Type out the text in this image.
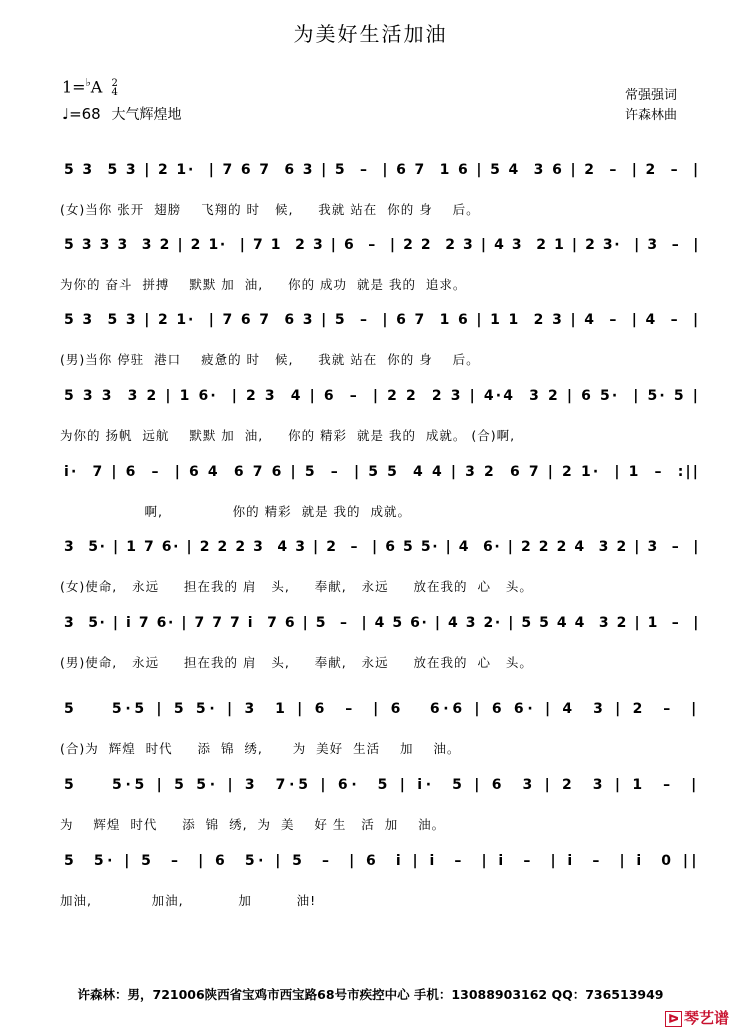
为美好生活加油
1=♭A 2
4
♩=68 大气辉煌地
常强强词
许森林曲
5 3  5 3 | 2 1·  | 7 6 7  6 3 | 5  –  | 6 7  1 6 | 5 4  3 6 | 2  –  | 2  –  |
(女)当你 张开  翅膀    飞翔的 时   候,     我就 站在  你的 身    后。
5 3 3 3  3 2 | 2 1·  | 7 1  2 3 | 6  –  | 2 2  2 3 | 4 3  2 1 | 2 3·  | 3  –  |
为你的 奋斗  拼搏    默默 加  油,     你的 成功  就是 我的  追求。
5 3  5 3 | 2 1·  | 7 6 7  6 3 | 5  –  | 6 7  1 6 | 1 1  2 3 | 4  –  | 4  –  |
(男)当你 停驻  港口    疲惫的 时   候,     我就 站在  你的 身    后。
5 3 3  3 2 | 1 6·  | 2 3  4 | 6  –  | 2 2  2 3 | 4·4  3 2 | 6 5·  | 5· 5 |
为你的 扬帆  远航    默默 加  油,     你的 精彩  就是 我的  成就。 (合)啊,
i·  7 | 6  –  | 6 4  6 7 6 | 5  –  | 5 5  4 4 | 3 2  6 7 | 2 1·  | 1  –  :||
啊,              你的 精彩  就是 我的  成就。
3  5· | 1 7 6· | 2 2 2 3  4 3 | 2  –  | 6 5 5· | 4  6· | 2 2 2 4  3 2 | 3  –  |
(女)使命,   永远     担在我的 肩   头,     奉献,   永远     放在我的  心   头。
3  5· | i 7 6· | 7 7 7 i  7 6 | 5  –  | 4 5 6· | 4 3 2· | 5 5 4 4  3 2 | 1  –  |
(男)使命,   永远     担在我的 肩   头,     奉献,   永远     放在我的  心   头。
5    5·5 | 5 5· | 3  1 | 6  –  | 6   6·6 | 6 6· | 4  3 | 2  –  |
(合)为  辉煌  时代     添  锦  绣,      为  美好  生活    加    油。
5    5·5 | 5 5· | 3  7·5 | 6·  5 | i·  5 | 6  3 | 2  3 | 1  –  |
为    辉煌  时代     添  锦  绣,  为  美    好 生   活  加    油。
5  5· | 5  –  | 6  5· | 5  –  | 6  i | i  –  | i  –  | i  –  | i  0 ||
加油,            加油,           加         油!
许森林：男，721006陕西省宝鸡市西宝路68号市疾控中心 手机：13088903162 QQ：736513949
ᐅ 琴艺谱
